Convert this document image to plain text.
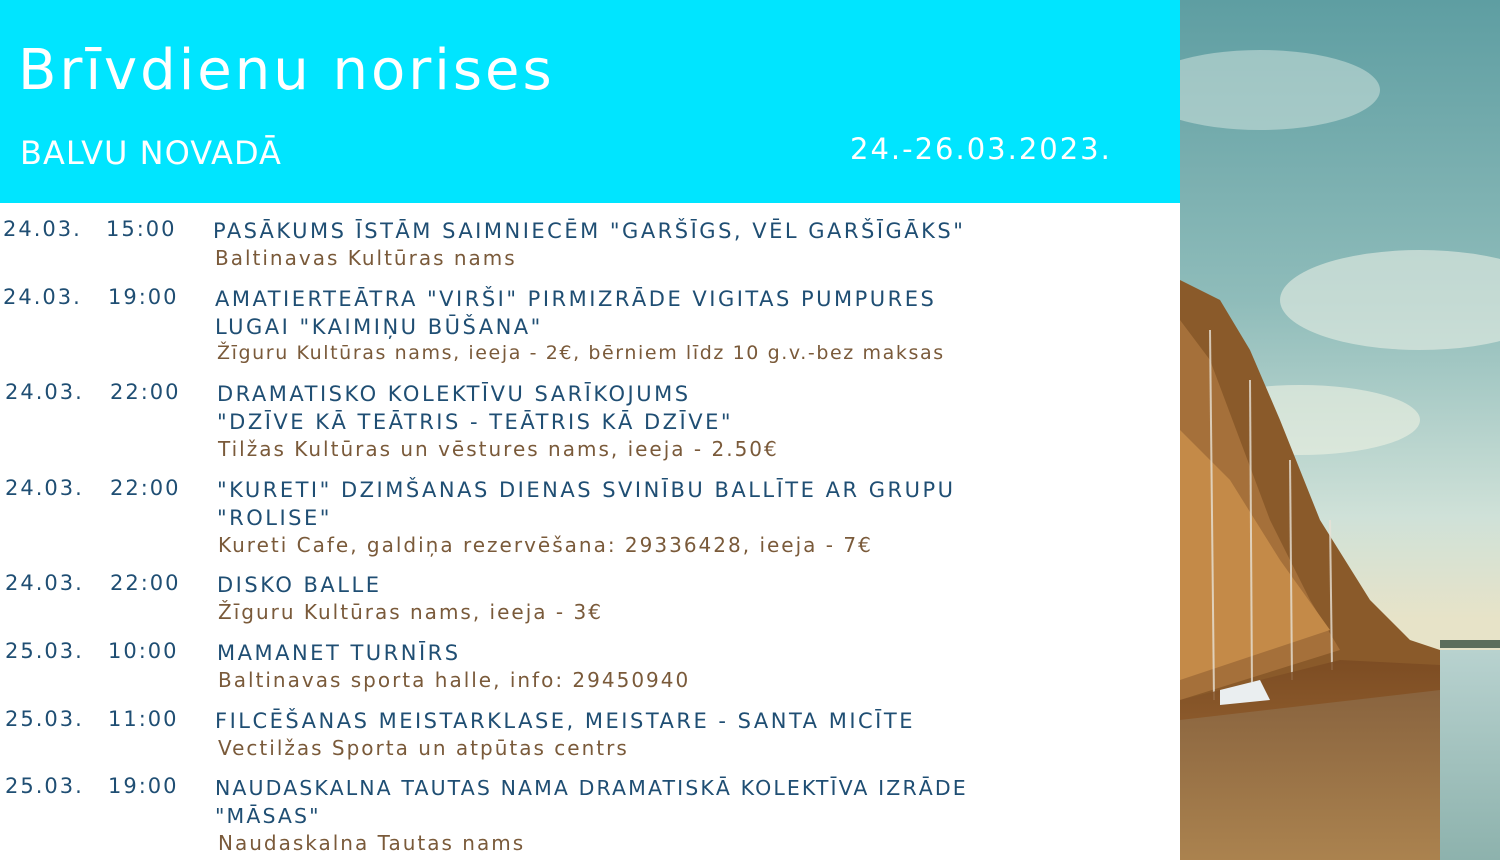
Brīvdienu norises
BALVU NOVADĀ	24.-26.03.2023.
24.03. 15:00 PASĀKUMS ĪSTĀM SAIMNIECĒM "GARŠĪGS, VĒL GARŠĪGĀKS"
Baltinavas Kultūras nams
24.03. 19:00 AMATIERTEĀTRA "VIRŠI" PIRMIZRĀDE VIGITAS PUMPURES
LUGAI "KAIMIŅU BŪŠANA"
Žīguru Kultūras nams, ieeja - 2€, bērniem līdz 10 g.v.-bez maksas
24.03. 22:00 DRAMATISKO KOLEKTĪVU SARĪKOJUMS
"DZĪVE KĀ TEĀTRIS - TEĀTRIS KĀ DZĪVE"
Tilžas Kultūras un vēstures nams, ieeja - 2.50€
24.03. 22:00 "KURETI" DZIMŠANAS DIENAS SVINĪBU BALLĪTE AR GRUPU
"ROLISE"
Kureti Cafe, galdiņa rezervēšana: 29336428, ieeja - 7€
24.03. 22:00 DISKO BALLE
Žīguru Kultūras nams, ieeja - 3€
25.03. 10:00 MAMANET TURNĪRS
Baltinavas sporta halle, info: 29450940
25.03. 11:00 FILCĒŠANAS MEISTARKLASE, MEISTARE - SANTA MICĪTE
Vectilžas Sporta un atpūtas centrs
25.03. 19:00 NAUDASKALNA TAUTAS NAMA DRAMATISKĀ KOLEKTĪVA IZRĀDE
"MĀSAS"
Naudaskalna Tautas nams
